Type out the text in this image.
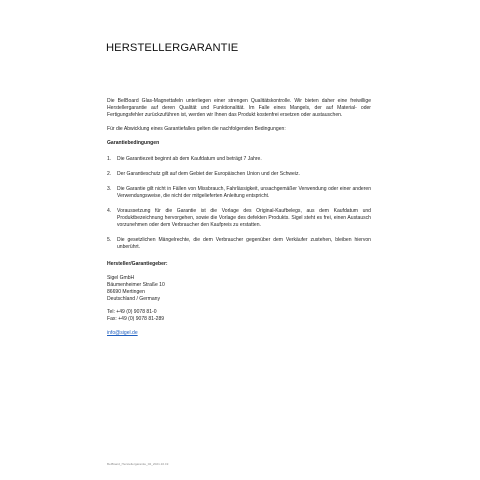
HERSTELLERGARANTIE

Die BeIBoard Glas-Magnettafeln unterliegen einer strengen Qualitätskontrolle. Wir bieten daher eine freiwillige Herstellergarantie auf deren Qualität und Funktionalität. Im Falle eines Mangels, der auf Material- oder Fertigungsfehler zurückzuführen ist, werden wir Ihnen das Produkt kostenfrei ersetzen oder austauschen.

Für die Abwicklung eines Garantiefalles gelten die nachfolgenden Bedingungen:

Garantiebedingungen
1.	Die Garantiezeit beginnt ab dem Kaufdatum und beträgt 7 Jahre.
2.	Der Garantieschutz gilt auf dem Gebiet der Europäischen Union und der Schweiz.
3.	Die Garantie gilt nicht in Fällen von Missbrauch, Fahrlässigkeit, unsachgemäßer Verwendung oder einer anderen Verwendungsweise, die nicht der mitgelieferten Anleitung entspricht.
4.	Voraussetzung für die Garantie ist die Vorlage des Original-Kaufbelegs, aus dem Kaufdatum und Produktbezeichnung hervorgehen, sowie die Vorlage des defekten Produkts. Sigel steht es frei, einen Austausch vorzunehmen oder dem Verbraucher den Kaufpreis zu erstatten.
5.	Die gesetzlichen Mängelrechte, die dem Verbraucher gegenüber dem Verkäufer zustehen, bleiben hiervon unberührt.
Hersteller/Garantiegeber:
Sigel GmbH
Bäumenheimer Straße 10
86690 Mertingen
Deutschland / Germany
Tel: +49 (0) 9078 81-0
Fax: +49 (0) 9078 81-289
info@sigel.de
BeIBoard_Herstellergarantie_02_2021.10.19
